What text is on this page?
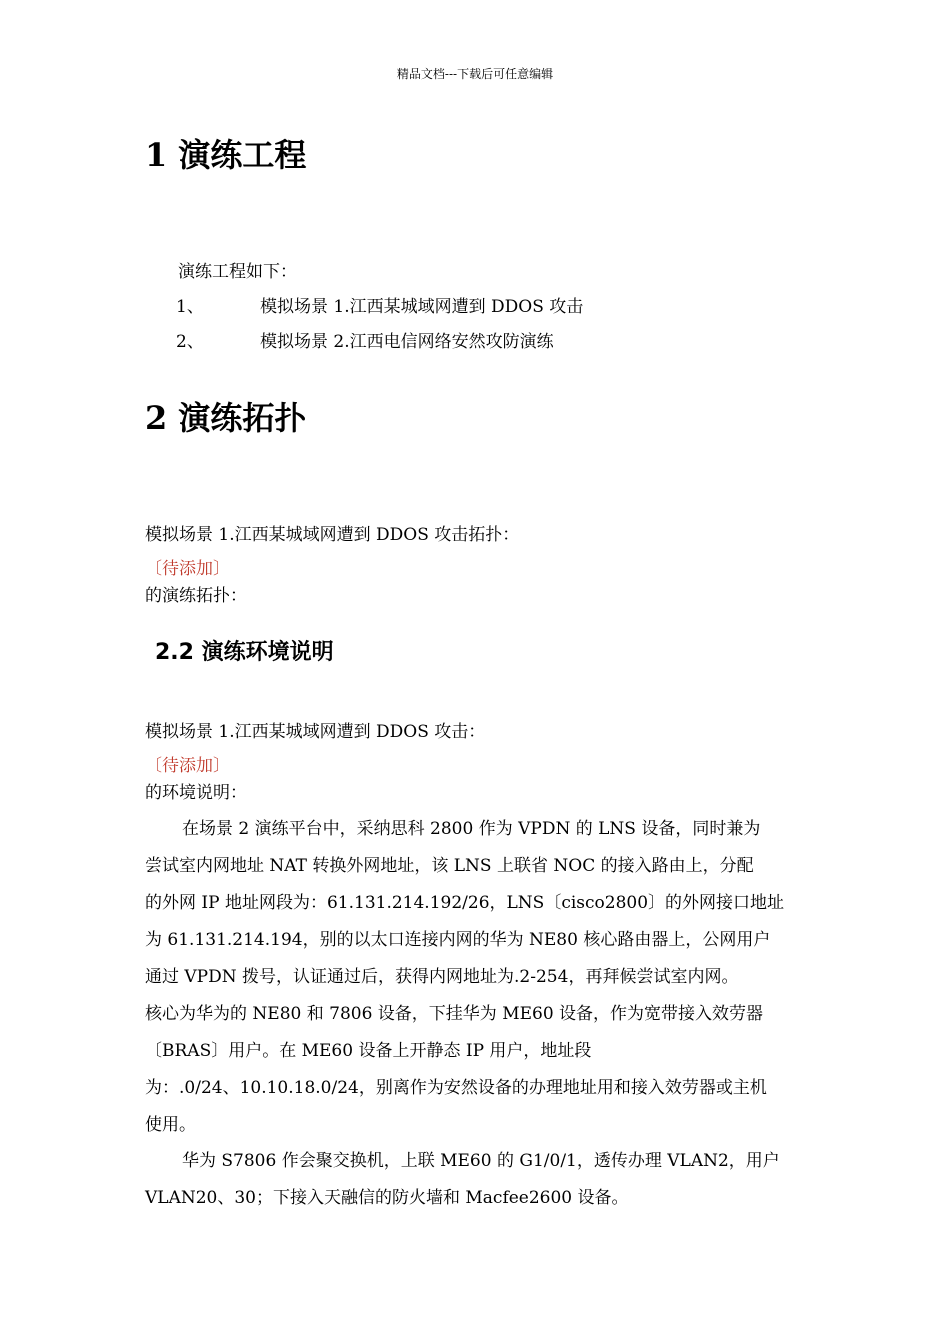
精品文档---下载后可任意编辑
1 演练工程
演练工程如下：
1、	模拟场景 1.江西某城域网遭到 DDOS 攻击
2、	模拟场景 2.江西电信网络安然攻防演练
2 演练拓扑
模拟场景 1.江西某城域网遭到 DDOS 攻击拓扑：
〔待添加〕
的演练拓扑：
2.2 演练环境说明
模拟场景 1.江西某城域网遭到 DDOS 攻击：
〔待添加〕
的环境说明：
在场景 2 演练平台中，采纳思科 2800 作为 VPDN 的 LNS 设备，同时兼为
尝试室内网地址 NAT 转换外网地址，该 LNS 上联省 NOC 的接入路由上，分配
的外网 IP 地址网段为：61.131.214.192/26，LNS〔cisco2800〕的外网接口地址
为 61.131.214.194，别的以太口连接内网的华为 NE80 核心路由器上，公网用户
通过 VPDN 拨号，认证通过后，获得内网地址为.2-254，再拜候尝试室内网。
核心为华为的 NE80 和 7806 设备，下挂华为 ME60 设备，作为宽带接入效劳器
〔BRAS〕用户。在 ME60 设备上开静态 IP 用户，地址段
为：.0/24、10.10.18.0/24，别离作为安然设备的办理地址用和接入效劳器或主机
使用。
华为 S7806 作会聚交换机，上联 ME60 的 G1/0/1，透传办理 VLAN2，用户
VLAN20、30；下接入天融信的防火墙和 Macfee2600 设备。
